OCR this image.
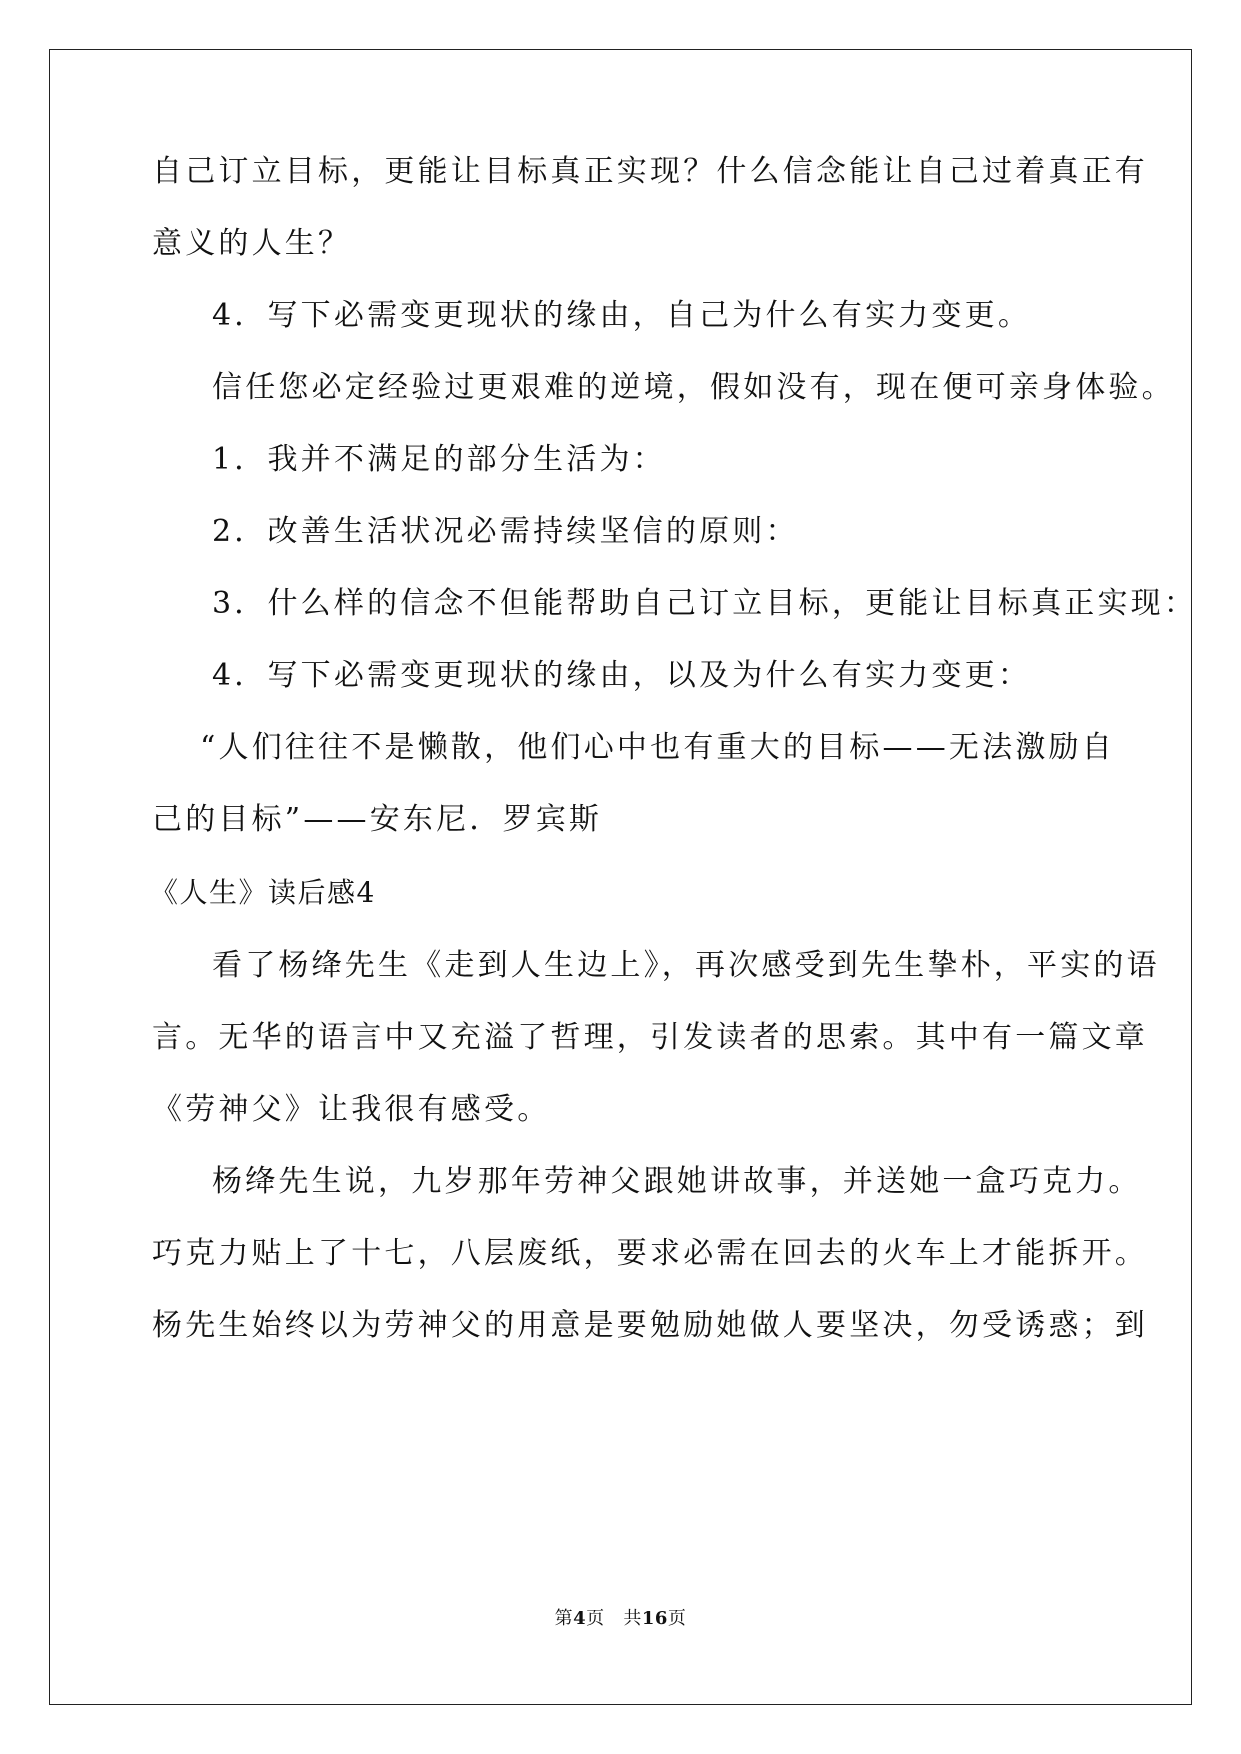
自己订立目标，更能让目标真正实现？什么信念能让自己过着真正有
意义的人生？
4．写下必需变更现状的缘由，自己为什么有实力变更。
信任您必定经验过更艰难的逆境，假如没有，现在便可亲身体验。
1．我并不满足的部分生活为：
2．改善生活状况必需持续坚信的原则：
3．什么样的信念不但能帮助自己订立目标，更能让目标真正实现：
4．写下必需变更现状的缘由，以及为什么有实力变更：
“人们往往不是懒散，他们心中也有重大的目标——无法激励自
己的目标”——安东尼．罗宾斯
《人生》读后感4
看了杨绛先生《走到人生边上》，再次感受到先生挚朴，平实的语
言。无华的语言中又充溢了哲理，引发读者的思索。其中有一篇文章
《劳神父》让我很有感受。
杨绛先生说，九岁那年劳神父跟她讲故事，并送她一盒巧克力。
巧克力贴上了十七，八层废纸，要求必需在回去的火车上才能拆开。
杨先生始终以为劳神父的用意是要勉励她做人要坚决，勿受诱惑；到
第4页 共16页
